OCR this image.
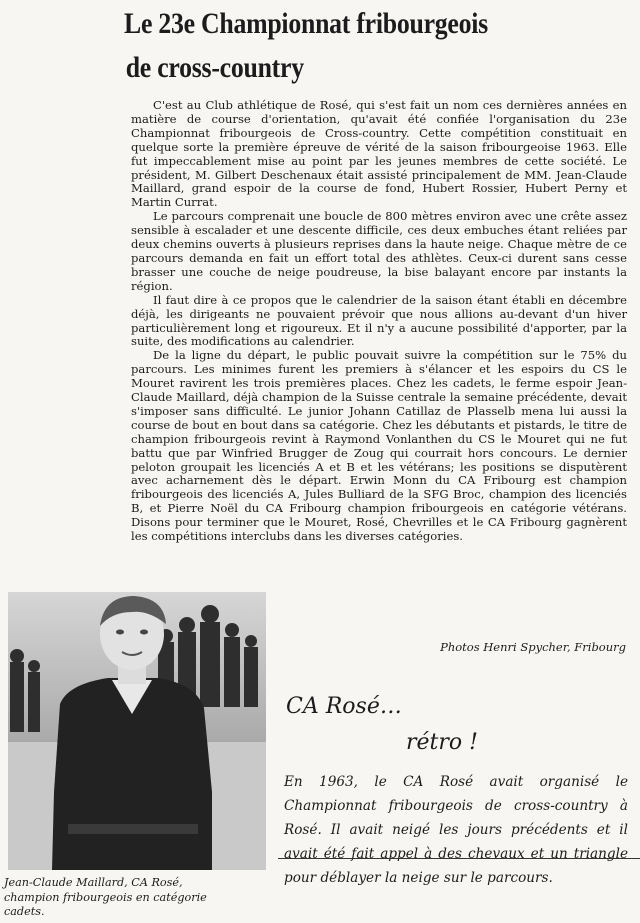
Le 23e Championnat fribourgeois
de cross-country

C'est au Club athlétique de Rosé, qui s'est fait un nom ces dernières années en matière de course d'orientation, qu'avait été confiée l'organisation du 23e Championnat fribourgeois de Cross-country. Cette compétition constituait en quelque sorte la première épreuve de vérité de la saison fribourgeoise 1963. Elle fut impeccablement mise au point par les jeunes membres de cette société. Le président, M. Gilbert Deschenaux était assisté principalement de MM. Jean-Claude Maillard, grand espoir de la course de fond, Hubert Rossier, Hubert Perny et Martin Currat.

Le parcours comprenait une boucle de 800 mètres environ avec une crête assez sensible à escalader et une descente difficile, ces deux embuches étant reliées par deux chemins ouverts à plusieurs reprises dans la haute neige. Chaque mètre de ce parcours demanda en fait un effort total des athlètes. Ceux-ci durent sans cesse brasser une couche de neige poudreuse, la bise balayant encore par instants la région.

Il faut dire à ce propos que le calendrier de la saison étant établi en décembre déjà, les dirigeants ne pouvaient prévoir que nous allions au-devant d'un hiver particulièrement long et rigoureux. Et il n'y a aucune possibilité d'apporter, par la suite, des modifications au calendrier.

De la ligne du départ, le public pouvait suivre la compétition sur le 75% du parcours. Les minimes furent les premiers à s'élancer et les espoirs du CS le Mouret ravirent les trois premières places. Chez les cadets, le ferme espoir Jean-Claude Maillard, déjà champion de la Suisse centrale la semaine précédente, devait s'imposer sans difficulté. Le junior Johann Catillaz de Plasselb mena lui aussi la course de bout en bout dans sa catégorie. Chez les débutants et pistards, le titre de champion fribourgeois revint à Raymond Vonlanthen du CS le Mouret qui ne fut battu que par Winfried Brugger de Zoug qui courrait hors concours. Le dernier peloton groupait les licenciés A et B et les vétérans; les positions se disputèrent avec acharnement dès le départ. Erwin Monn du CA Fribourg est champion fribourgeois des licenciés A, Jules Bulliard de la SFG Broc, champion des licenciés B, et Pierre Noël du CA Fribourg champion fribourgeois en catégorie vétérans. Disons pour terminer que le Mouret, Rosé, Chevrilles et le CA Fribourg gagnèrent les compétitions interclubs dans les diverses catégories.

Photos Henri Spycher, Fribourg
Jean-Claude Maillard, CA Rosé,
champion fribourgeois en catégorie
cadets.
CA Rosé…
rétro !
En 1963, le CA Rosé avait organisé le Championnat fribourgeois de cross-country à Rosé. Il avait neigé les jours précédents et il avait été fait appel à des chevaux et un triangle pour déblayer la neige sur le parcours.
